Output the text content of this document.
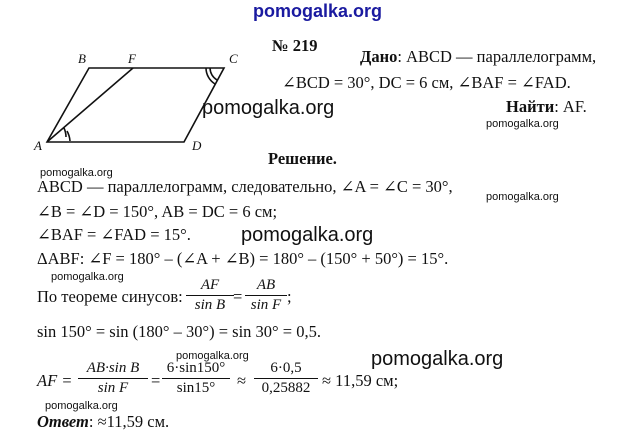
pomogalka.org
B	F	C
A	D
№ 219
Дано: ABCD — параллелограмм,
∠BCD = 30°, DC = 6 см, ∠BAF = ∠FAD.
Найти: AF.
pomogalka.org
pomogalka.org
Решение.
pomogalka.org
ABCD — параллелограмм, следовательно, ∠A = ∠C = 30°,
pomogalka.org
∠B = ∠D = 150°, AB = DC = 6 см;
∠BAF = ∠FAD = 15°.	pomogalka.org
ΔABF: ∠F = 180° – (∠A + ∠B) = 180° – (150° + 50°) = 15°.
pomogalka.org
По теореме синусов: $\frac{AF}{\text{sin B}} = \frac{AB}{\text{sin F}}$ ;
sin 150° = sin (180° – 30°) = sin 30° = 0,5.
pomogalka.org	pomogalka.org
AF = $\frac{\text{AB·sin B}}{\text{sin F}} = \frac{6\cdot\sin 150^\circ}{\sin 15^\circ} \approx \frac{6\cdot 0,5}{0,25882} \approx 11,59$ см;
pomogalka.org
Ответ: ≈11,59 см.
